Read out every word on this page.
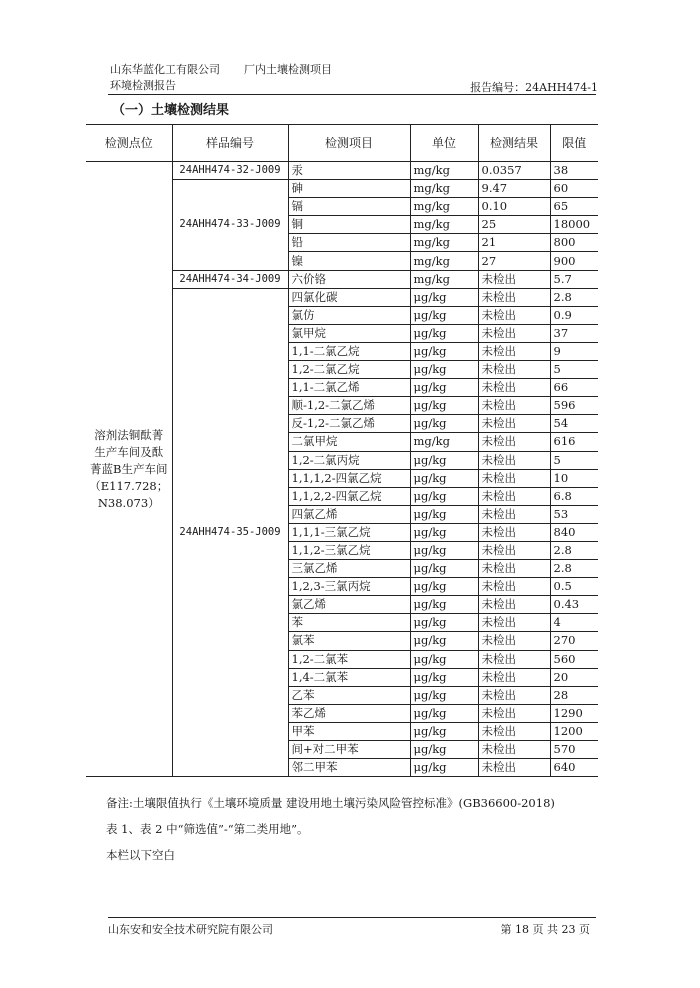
山东华蓝化工有限公司 厂内土壤检测项目
环境检测报告	报告编号：24AHH474-1
（一）土壤检测结果
检测点位	样品编号	检测项目	单位	检测结果	限值
溶剂法铜酞菁生产车间及酞菁蓝B生产车间（E117.728；N38.073）	24AHH474-32-J009	汞	mg/kg	0.0357	38
	24AHH474-33-J009	砷	mg/kg	9.47	60
		镉	mg/kg	0.10	65
		铜	mg/kg	25	18000
		铅	mg/kg	21	800
		镍	mg/kg	27	900
	24AHH474-34-J009	六价铬	mg/kg	未检出	5.7
	24AHH474-35-J009	四氯化碳	μg/kg	未检出	2.8
		氯仿	μg/kg	未检出	0.9
		氯甲烷	μg/kg	未检出	37
		1,1-二氯乙烷	μg/kg	未检出	9
		1,2-二氯乙烷	μg/kg	未检出	5
		1,1-二氯乙烯	μg/kg	未检出	66
		顺-1,2-二氯乙烯	μg/kg	未检出	596
		反-1,2-二氯乙烯	μg/kg	未检出	54
		二氯甲烷	mg/kg	未检出	616
		1,2-二氯丙烷	μg/kg	未检出	5
		1,1,1,2-四氯乙烷	μg/kg	未检出	10
		1,1,2,2-四氯乙烷	μg/kg	未检出	6.8
		四氯乙烯	μg/kg	未检出	53
		1,1,1-三氯乙烷	μg/kg	未检出	840
		1,1,2-三氯乙烷	μg/kg	未检出	2.8
		三氯乙烯	μg/kg	未检出	2.8
		1,2,3-三氯丙烷	μg/kg	未检出	0.5
		氯乙烯	μg/kg	未检出	0.43
		苯	μg/kg	未检出	4
		氯苯	μg/kg	未检出	270
		1,2-二氯苯	μg/kg	未检出	560
		1,4-二氯苯	μg/kg	未检出	20
		乙苯	μg/kg	未检出	28
		苯乙烯	μg/kg	未检出	1290
		甲苯	μg/kg	未检出	1200
		间+对二甲苯	μg/kg	未检出	570
		邻二甲苯	μg/kg	未检出	640
备注:土壤限值执行《土壤环境质量 建设用地土壤污染风险管控标准》(GB36600-2018)
表 1、表 2 中“筛选值”-“第二类用地”。
本栏以下空白
山东安和安全技术研究院有限公司	第 18 页 共 23 页
